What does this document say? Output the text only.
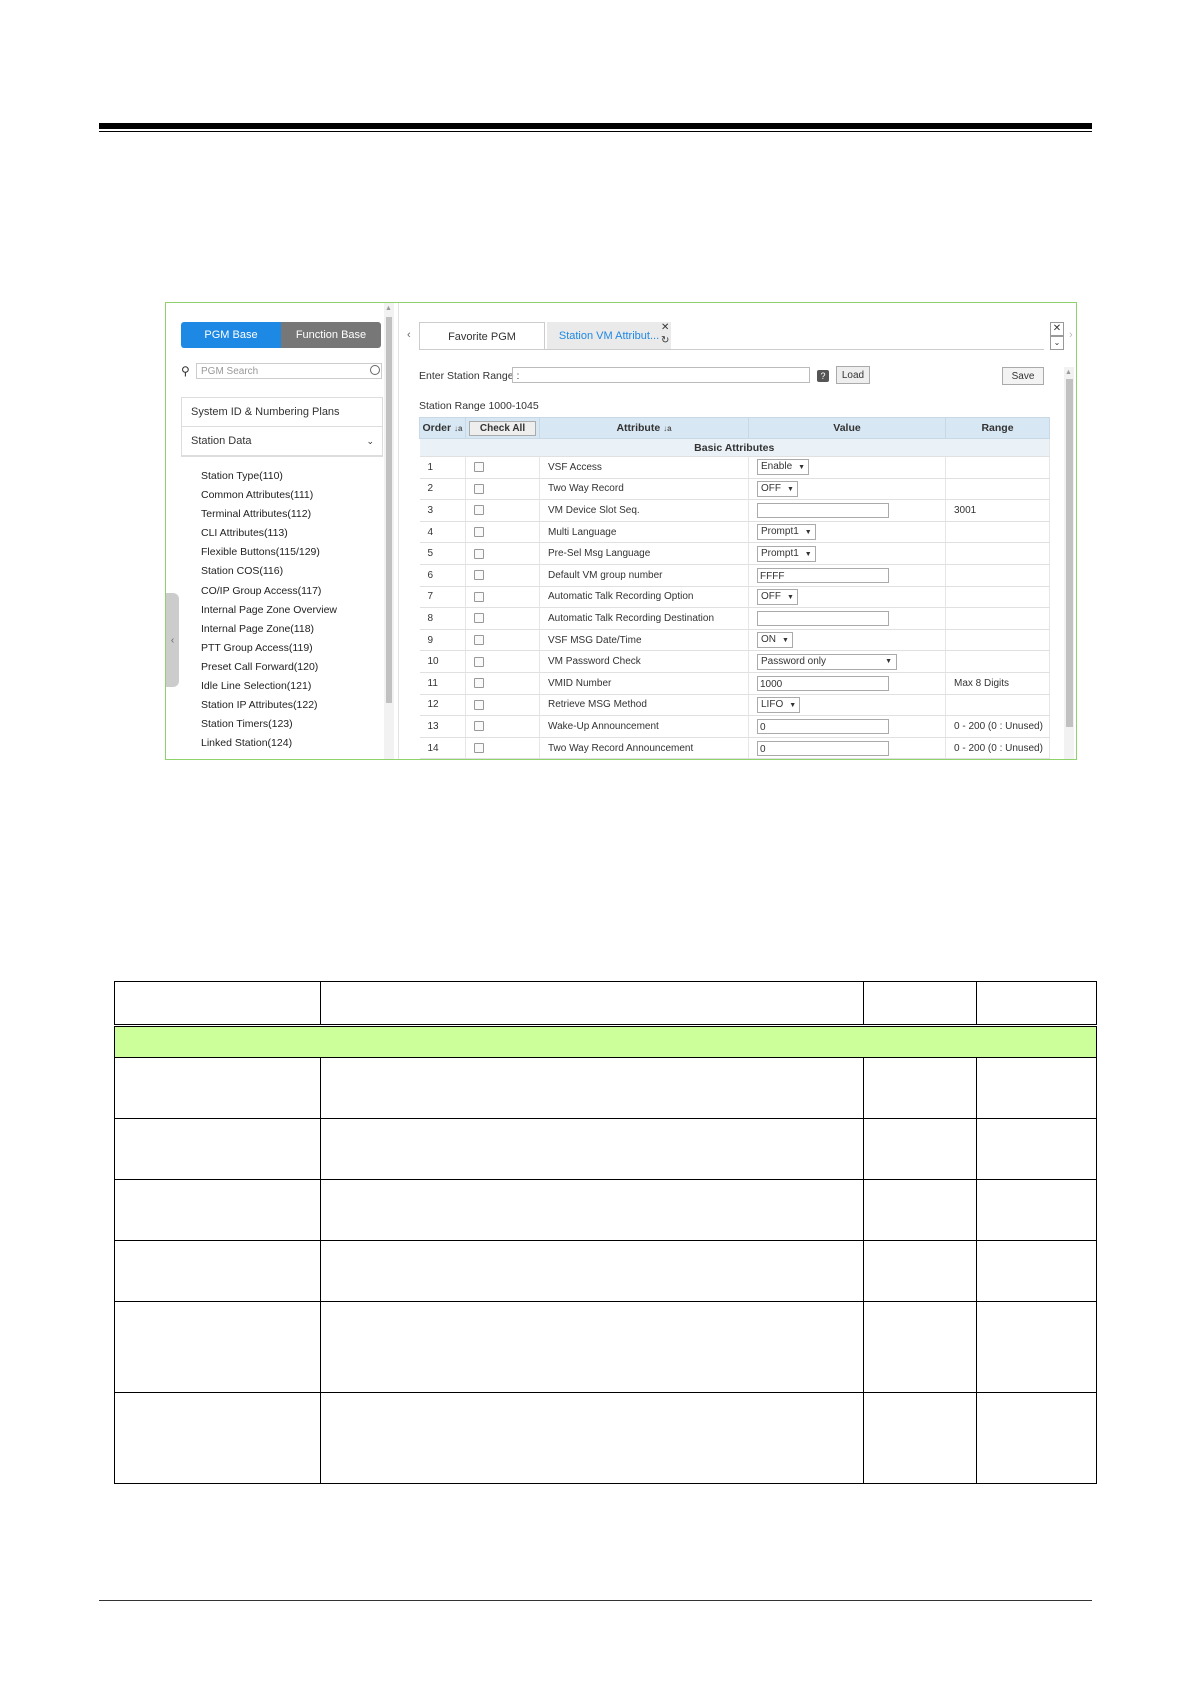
PGM Base	Function Base
⚲	PGM Search
System ID & Numbering Plans
Station Data	⌄
Station Type(110)
Common Attributes(111)
Terminal Attributes(112)
CLI Attributes(113)
Flexible Buttons(115/129)
Station COS(116)
CO/IP Group Access(117)
Internal Page Zone Overview
Internal Page Zone(118)
PTT Group Access(119)
Preset Call Forward(120)
Idle Line Selection(121)
Station IP Attributes(122)
Station Timers(123)
Linked Station(124)
▲
‹
‹	Favorite PGM	Station VM Attribut...
✕
↻
✕
⌄
›
Enter Station Range :	?	Load	Save
Station Range 1000-1045
Order ↓a	Check All	Attribute ↓a	Value	Range
Basic Attributes				
1		VSF Access	Enable ▼	
2		Two Way Record	OFF ▼	
3		VM Device Slot Seq.		3001
4		Multi Language	Prompt1 ▼	
5		Pre-Sel Msg Language	Prompt1 ▼	
6		Default VM group number	FFFF	
7		Automatic Talk Recording Option	OFF ▼	
8		Automatic Talk Recording Destination		
9		VSF MSG Date/Time	ON ▼	
10		VM Password Check	Password only ▼	

11		VMID Number	1000	Max 8 Digits
12		Retrieve MSG Method	LIFO ▼	
13		Wake-Up Announcement	0	0 - 200 (0 : Unused)
14		Two Way Record Announcement	0	0 - 200 (0 : Unused)
▲
